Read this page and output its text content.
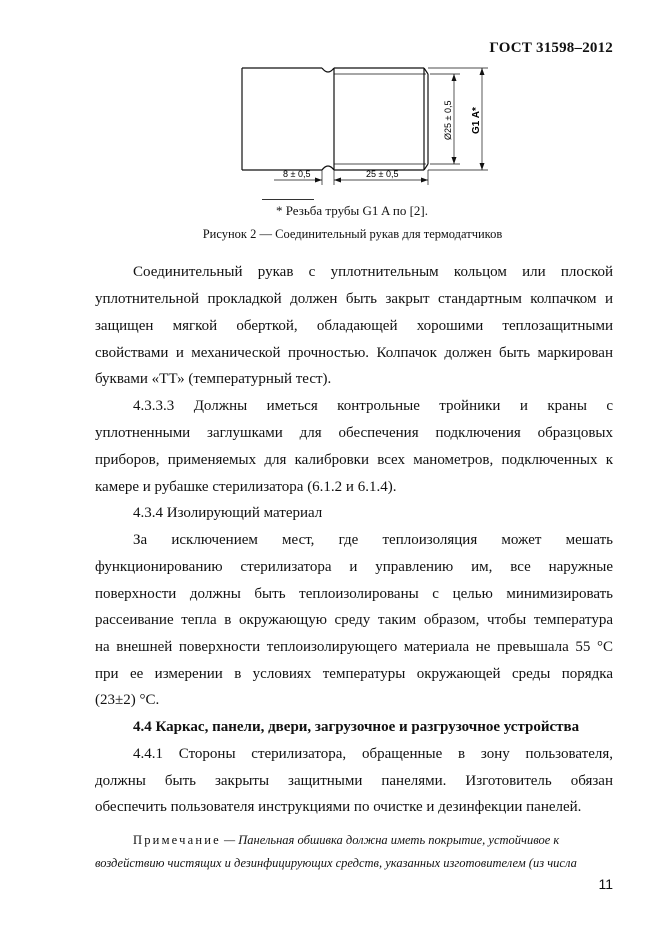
ГОСТ 31598–2012
8 ± 0,5	25 ± 0,5
Ø25 ± 0,5 G1 A*
* Резьба трубы G1 A по [2].
Рисунок 2 — Соединительный рукав для термодатчиков
Соединительный рукав с уплотнительным кольцом или плоской
уплотнительной прокладкой должен быть закрыт стандартным колпачком и
защищен мягкой оберткой, обладающей хорошими теплозащитными
свойствами и механической прочностью. Колпачок должен быть маркирован
буквами «ТТ» (температурный тест).
4.3.3.3 Должны иметься контрольные тройники и краны с
уплотненными заглушками для обеспечения подключения образцовых
приборов, применяемых для калибровки всех манометров, подключенных к
камере и рубашке стерилизатора (6.1.2 и 6.1.4).
4.3.4 Изолирующий материал
За исключением мест, где теплоизоляция может мешать
функционированию стерилизатора и управлению им, все наружные
поверхности должны быть теплоизолированы с целью минимизировать
рассеивание тепла в окружающую среду таким образом, чтобы температура
на внешней поверхности теплоизолирующего материала не превышала 55 °С
при ее измерении в условиях температуры окружающей среды порядка
(23±2) °С.
4.4 Каркас, панели, двери, загрузочное и разгрузочное устройства
4.4.1 Стороны стерилизатора, обращенные в зону пользователя,
должны быть закрыты защитными панелями. Изготовитель обязан
обеспечить пользователя инструкциями по очистке и дезинфекции панелей.
Примечание — Панельная обшивка должна иметь покрытие, устойчивое к
воздействию чистящих и дезинфицирующих средств, указанных изготовителем (из числа
11
